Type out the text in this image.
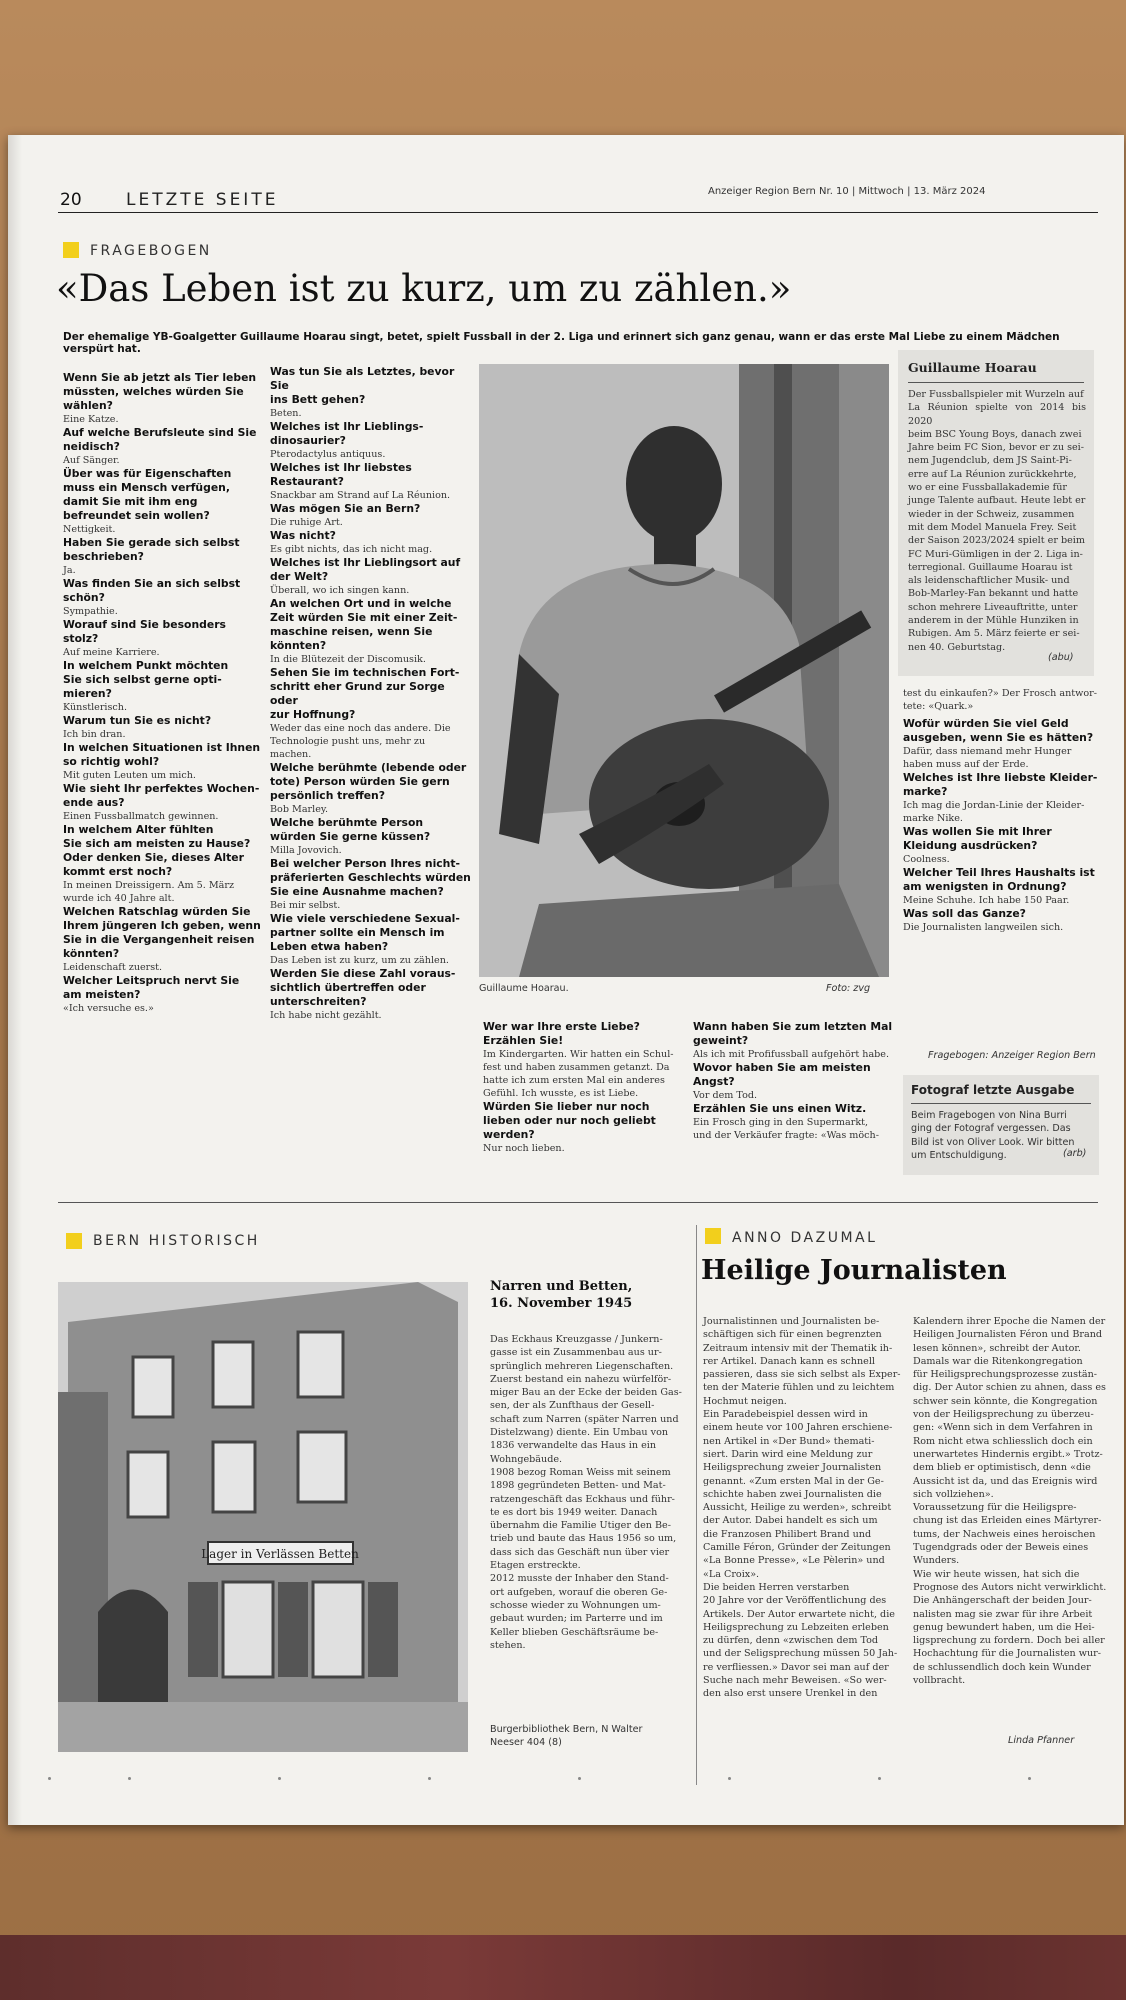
20	LETZTE SEITE	Anzeiger Region Bern Nr. 10 | Mittwoch | 13. März 2024
FRAGEBOGEN
«Das Leben ist zu kurz, um zu zählen.»
Der ehemalige YB-Goalgetter Guillaume Hoarau singt, betet, spielt Fussball in der 2. Liga und erinnert sich ganz genau, wann er das erste Mal Liebe zu einem Mädchen verspürt hat.
Wenn Sie ab jetzt als Tier leben
müssten, welches würden Sie
wählen?
Eine Katze.
Auf welche Berufsleute sind Sie
neidisch?
Auf Sänger.
Über was für Eigenschaften
muss ein Mensch verfügen,
damit Sie mit ihm eng
befreundet sein wollen?
Nettigkeit.
Haben Sie gerade sich selbst
beschrieben?
Ja.
Was finden Sie an sich selbst
schön?
Sympathie.
Worauf sind Sie besonders stolz?
Auf meine Karriere.
In welchem Punkt möchten
Sie sich selbst gerne opti-
mieren?
Künstlerisch.
Warum tun Sie es nicht?
Ich bin dran.
In welchen Situationen ist Ihnen
so richtig wohl?
Mit guten Leuten um mich.
Wie sieht Ihr perfektes Wochen-
ende aus?
Einen Fussballmatch gewinnen.
In welchem Alter fühlten
Sie sich am meisten zu Hause?
Oder denken Sie, dieses Alter
kommt erst noch?
In meinen Dreissigern. Am 5. März
wurde ich 40 Jahre alt.
Welchen Ratschlag würden Sie
Ihrem jüngeren Ich geben, wenn
Sie in die Vergangenheit reisen
könnten?
Leidenschaft zuerst.
Welcher Leitspruch nervt Sie
am meisten?
«Ich versuche es.»
Was tun Sie als Letztes, bevor Sie
ins Bett gehen?
Beten.
Welches ist Ihr Lieblings-
dinosaurier?
Pterodactylus antiquus.
Welches ist Ihr liebstes
Restaurant?
Snackbar am Strand auf La Réunion.
Was mögen Sie an Bern?
Die ruhige Art.
Was nicht?
Es gibt nichts, das ich nicht mag.
Welches ist Ihr Lieblingsort auf
der Welt?
Überall, wo ich singen kann.
An welchen Ort und in welche
Zeit würden Sie mit einer Zeit-
maschine reisen, wenn Sie
könnten?
In die Blütezeit der Discomusik.
Sehen Sie im technischen Fort-
schritt eher Grund zur Sorge oder
zur Hoffnung?
Weder das eine noch das andere. Die
Technologie pusht uns, mehr zu
machen.
Welche berühmte (lebende oder
tote) Person würden Sie gern
persönlich treffen?
Bob Marley.
Welche berühmte Person
würden Sie gerne küssen?
Milla Jovovich.
Bei welcher Person Ihres nicht-
präferierten Geschlechts würden
Sie eine Ausnahme machen?
Bei mir selbst.
Wie viele verschiedene Sexual-
partner sollte ein Mensch im
Leben etwa haben?
Das Leben ist zu kurz, um zu zählen.
Werden Sie diese Zahl voraus-
sichtlich übertreffen oder
unterschreiten?
Ich habe nicht gezählt.
Guillaume Hoarau.	Foto: zvg
Guillaume Hoarau
Der Fussballspieler mit Wurzeln auf
La Réunion spielte von 2014 bis 2020
beim BSC Young Boys, danach zwei
Jahre beim FC Sion, bevor er zu sei-
nem Jugendclub, dem JS Saint-Pi-
erre auf La Réunion zurückkehrte,
wo er eine Fussballakademie für
junge Talente aufbaut. Heute lebt er
wieder in der Schweiz, zusammen
mit dem Model Manuela Frey. Seit
der Saison 2023/2024 spielt er beim
FC Muri-Gümligen in der 2. Liga in-
terregional. Guillaume Hoarau ist
als leidenschaftlicher Musik- und
Bob-Marley-Fan bekannt und hatte
schon mehrere Liveauftritte, unter
anderem in der Mühle Hunziken in
Rubigen. Am 5. März feierte er sei-
nen 40. Geburtstag.
(abu)
test du einkaufen?» Der Frosch antwor-
tete: «Quark.»
Wofür würden Sie viel Geld
ausgeben, wenn Sie es hätten?
Dafür, dass niemand mehr Hunger
haben muss auf der Erde.
Welches ist Ihre liebste Kleider-
marke?
Ich mag die Jordan-Linie der Kleider-
marke Nike.
Was wollen Sie mit Ihrer
Kleidung ausdrücken?
Coolness.
Welcher Teil Ihres Haushalts ist
am wenigsten in Ordnung?
Meine Schuhe. Ich habe 150 Paar.
Was soll das Ganze?
Die Journalisten langweilen sich.
Fragebogen: Anzeiger Region Bern
Wer war Ihre erste Liebe?
Erzählen Sie!
Im Kindergarten. Wir hatten ein Schul-
fest und haben zusammen getanzt. Da
hatte ich zum ersten Mal ein anderes
Gefühl. Ich wusste, es ist Liebe.
Würden Sie lieber nur noch
lieben oder nur noch geliebt
werden?
Nur noch lieben.
Wann haben Sie zum letzten Mal
geweint?
Als ich mit Profifussball aufgehört habe.
Wovor haben Sie am meisten
Angst?
Vor dem Tod.
Erzählen Sie uns einen Witz.
Ein Frosch ging in den Supermarkt,
und der Verkäufer fragte: «Was möch-
Fotograf letzte Ausgabe
Beim Fragebogen von Nina Burri
ging der Fotograf vergessen. Das
Bild ist von Oliver Look. Wir bitten
um Entschuldigung.	(arb)
BERN HISTORISCH
Lager in Verlässen Betten
Narren und Betten,
16. November 1945
Das Eckhaus Kreuzgasse / Junkern-
gasse ist ein Zusammenbau aus ur-
sprünglich mehreren Liegenschaften.
Zuerst bestand ein nahezu würfelför-
miger Bau an der Ecke der beiden Gas-
sen, der als Zunfthaus der Gesell-
schaft zum Narren (später Narren und
Distelzwang) diente. Ein Umbau von
1836 verwandelte das Haus in ein
Wohngebäude.
1908 bezog Roman Weiss mit seinem
1898 gegründeten Betten- und Mat-
ratzengeschäft das Eckhaus und führ-
te es dort bis 1949 weiter. Danach
übernahm die Familie Utiger den Be-
trieb und baute das Haus 1956 so um,
dass sich das Geschäft nun über vier
Etagen erstreckte.
2012 musste der Inhaber den Stand-
ort aufgeben, worauf die oberen Ge-
schosse wieder zu Wohnungen um-
gebaut wurden; im Parterre und im
Keller blieben Geschäftsräume be-
stehen.
Burgerbibliothek Bern, N Walter
Neeser 404 (8)
ANNO DAZUMAL
Heilige Journalisten
Journalistinnen und Journalisten be-
schäftigen sich für einen begrenzten
Zeitraum intensiv mit der Thematik ih-
rer Artikel. Danach kann es schnell
passieren, dass sie sich selbst als Exper-
ten der Materie fühlen und zu leichtem
Hochmut neigen.
Ein Paradebeispiel dessen wird in
einem heute vor 100 Jahren erschiene-
nen Artikel in «Der Bund» themati-
siert. Darin wird eine Meldung zur
Heiligsprechung zweier Journalisten
genannt. «Zum ersten Mal in der Ge-
schichte haben zwei Journalisten die
Aussicht, Heilige zu werden», schreibt
der Autor. Dabei handelt es sich um
die Franzosen Philibert Brand und
Camille Féron, Gründer der Zeitungen
«La Bonne Presse», «Le Pèlerin» und
«La Croix».
Die beiden Herren verstarben
20 Jahre vor der Veröffentlichung des
Artikels. Der Autor erwartete nicht, die
Heiligsprechung zu Lebzeiten erleben
zu dürfen, denn «zwischen dem Tod
und der Seligsprechung müssen 50 Jah-
re verfliessen.» Davor sei man auf der
Suche nach mehr Beweisen. «So wer-
den also erst unsere Urenkel in den
Kalendern ihrer Epoche die Namen der
Heiligen Journalisten Féron und Brand
lesen können», schreibt der Autor.
Damals war die Ritenkongregation
für Heiligsprechungsprozesse zustän-
dig. Der Autor schien zu ahnen, dass es
schwer sein könnte, die Kongregation
von der Heiligsprechung zu überzeu-
gen: «Wenn sich in dem Verfahren in
Rom nicht etwa schliesslich doch ein
unerwartetes Hindernis ergibt.» Trotz-
dem blieb er optimistisch, denn «die
Aussicht ist da, und das Ereignis wird
sich vollziehen».
Voraussetzung für die Heiligspre-
chung ist das Erleiden eines Märtyrer-
tums, der Nachweis eines heroischen
Tugendgrads oder der Beweis eines
Wunders.
Wie wir heute wissen, hat sich die
Prognose des Autors nicht verwirklicht.
Die Anhängerschaft der beiden Jour-
nalisten mag sie zwar für ihre Arbeit
genug bewundert haben, um die Hei-
ligsprechung zu fordern. Doch bei aller
Hochachtung für die Journalisten wur-
de schlussendlich doch kein Wunder
vollbracht.
Linda Pfanner
